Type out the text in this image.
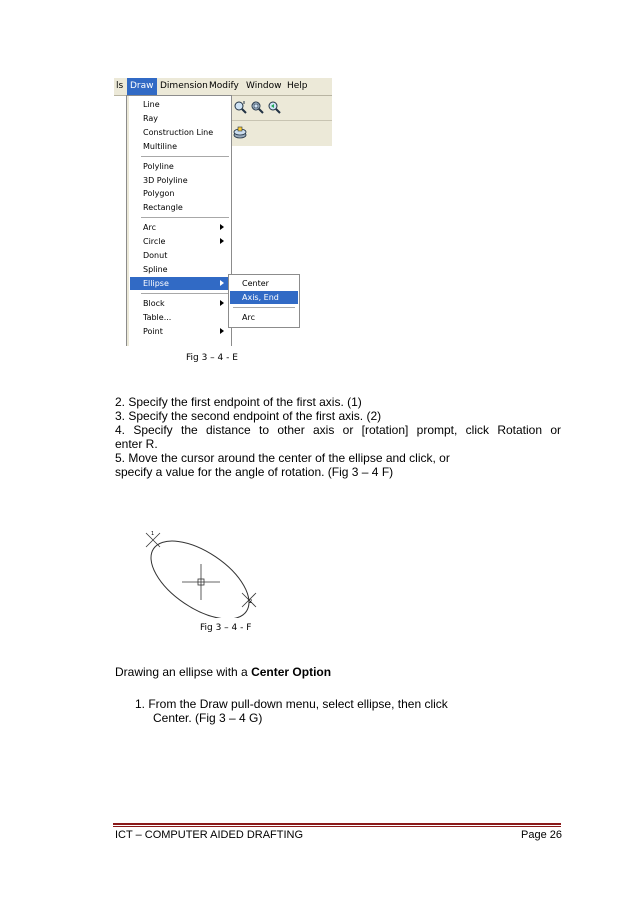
ls Draw Dimension Modify Window Help
Line
Ray
Construction Line
Multiline
Polyline
3D Polyline
Polygon
Rectangle
Arc
Circle
Donut
Spline
Ellipse
Block
Table...
Point
Center
Axis, End
Arc
Fig 3 – 4 - E
2. Specify the first endpoint of the first axis. (1)
3. Specify the second endpoint of the first axis. (2)
4. Specify the distance to other axis or [rotation] prompt, click Rotation or
enter R.
5. Move the cursor around the center of the ellipse and click, or
specify a value for the angle of rotation. (Fig 3 – 4 F)
1
2
Fig 3 – 4 - F
Drawing an ellipse with a Center Option
1. From the Draw pull-down menu, select ellipse, then click
Center. (Fig 3 – 4 G)
ICT – COMPUTER AIDED DRAFTING	Page 26
